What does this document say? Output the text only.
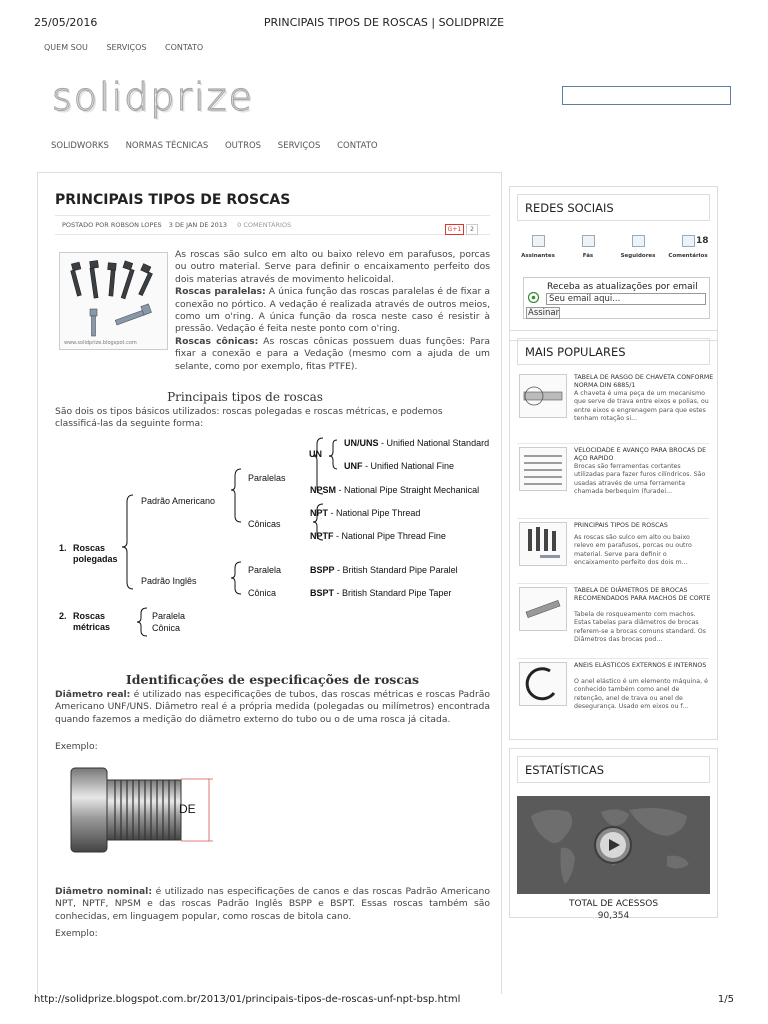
25/05/2016	PRINCIPAIS TIPOS DE ROSCAS | SOLIDPRIZE
QUEM SOU SERVIÇOS CONTATO
solidprize
SOLIDWORKS NORMAS TÉCNICAS OUTROS SERVIÇOS CONTATO
PRINCIPAIS TIPOS DE ROSCAS
POSTADO POR ROBSON LOPES 3 DE JAN DE 2013 0 COMENTÁRIOS
G+1 2
www.solidprize.blogspot.com
As roscas são sulco em alto ou baixo relevo em parafusos, porcas ou outro material. Serve para definir o encaixamento perfeito dos dois materias através de movimento helicoidal.
Roscas paralelas: A única função das roscas paralelas é de fixar a conexão no pórtico. A vedação é realizada através de outros meios, como um o'ring. A única função da rosca neste caso é resistir à pressão. Vedação é feita neste ponto com o'ring.
Roscas cônicas: As roscas cônicas possuem duas funções: Para fixar a conexão e para a Vedação (mesmo com a ajuda de um selante, como por exemplo, fitas PTFE).
Principais tipos de roscas
São dois os tipos básicos utilizados: roscas polegadas e roscas métricas, e podemos classificá-las da seguinte forma:
1. Roscas
polegadas
Padrão Americano
Padrão Inglês
Paralelas
Cônicas
UN
UN/UNS - Unified National Standard
UNF - Unified National Fine
NPSM - National Pipe Straight Mechanical
NPT - National Pipe Thread
NPTF - National Pipe Thread Fine
Paralela
Cônica
BSPP - British Standard Pipe Paralel
BSPT - British Standard Pipe Taper
2. Roscas
métricas
Paralela
Cônica
Identificações de especificações de roscas
Diâmetro real: é utilizado nas especificações de tubos, das roscas métricas e roscas Padrão Americano UNF/UNS. Diâmetro real é a própria medida (polegadas ou milímetros) encontrada quando fazemos a medição do diâmetro externo do tubo ou o de uma rosca já citada.
Exemplo:
DE
Diâmetro nominal: é utilizado nas especificações de canos e das roscas Padrão Americano NPT, NPTF, NPSM e das roscas Padrão Inglês BSPP e BSPT. Essas roscas também são conhecidas, em linguagem popular, como roscas de bitola cano.
Exemplo:
REDES SOCIAIS
Assinantes	Fãs	Seguidores
18
Comentários
Receba as atualizações por email
Seu email aqui...
Assinar
MAIS POPULARES
TABELA DE RASGO DE CHAVETA CONFORME NORMA DIN 6885/1
A chaveta é uma peça de um mecanismo que serve de trava entre eixos e polias, ou entre eixos e engrenagem para que estes tenham rotação si...
VELOCIDADE E AVANÇO PARA BROCAS DE AÇO RAPIDO
Brocas são ferramentas cortantes utilizadas para fazer furos cilíndricos. São usadas através de uma ferramenta chamada berbequim (furadei...
PRINCIPAIS TIPOS DE ROSCAS
As roscas são sulco em alto ou baixo relevo em parafusos, porcas ou outro material. Serve para definir o encaixamento perfeito dos dois m...
TABELA DE DIÂMETROS DE BROCAS RECOMENDADOS PARA MACHOS DE CORTE
Tabela de rosqueamento com machos. Estas tabelas para diâmetros de brocas referem-se a brocas comuns standard. Os Diâmetros das brocas pod...
ANEIS ELÁSTICOS EXTERNOS E INTERNOS
O anel elástico é um elemento máquina, é conhecido também como anel de retenção, anel de trava ou anel de desegurança. Usado em eixos ou f...
ESTATÍSTICAS
TOTAL DE ACESSOS
90,354
http://solidprize.blogspot.com.br/2013/01/principais-tipos-de-roscas-unf-npt-bsp.html	1/5
